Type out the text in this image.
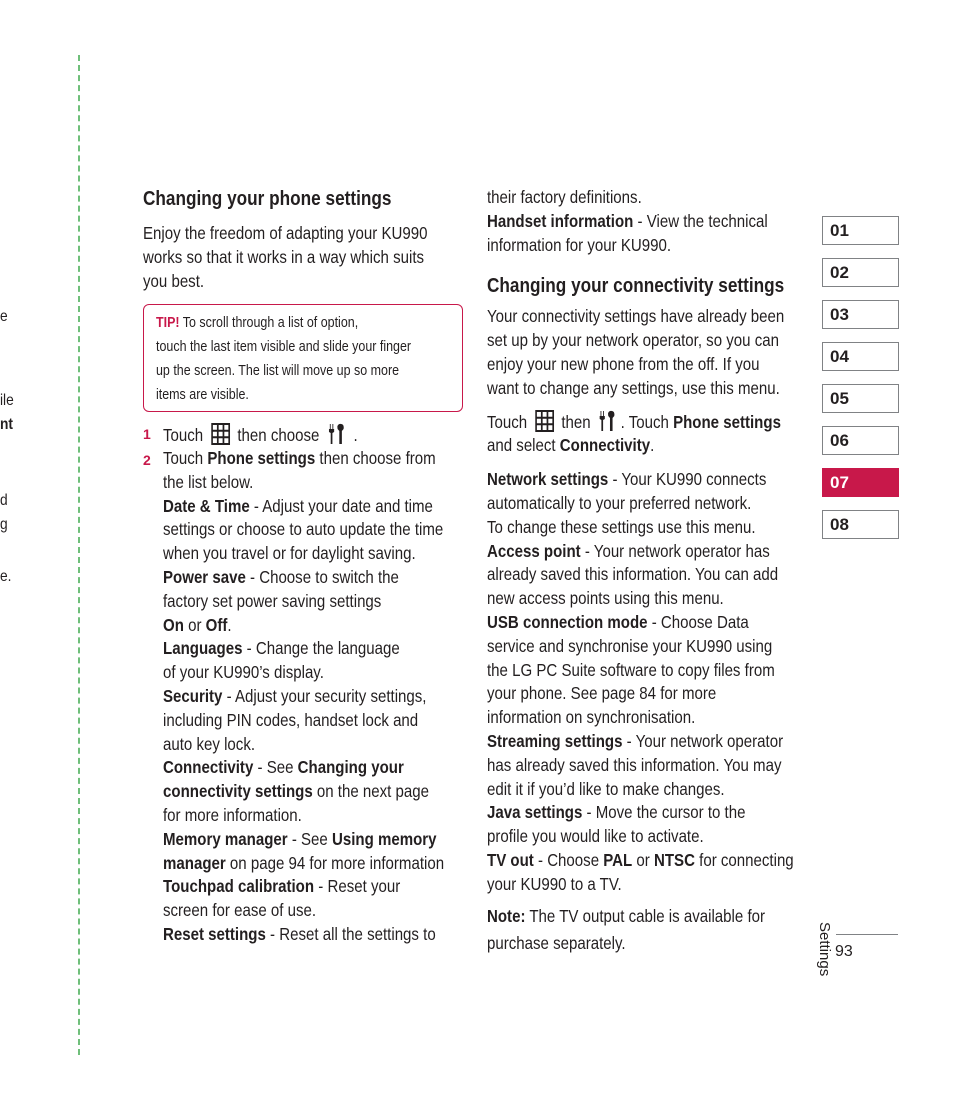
e
ile
nt
d
g
e.
Changing your phone settings

Enjoy the freedom of adapting your KU990

works so that it works in a way which suits

you best.

TIP! To scroll through a list of option,
touch the last item visible and slide your finger
up the screen. The list will move up so more
items are visible.
1 Touch then choose .
2 Touch Phone settings then choose from
the list below.
Date & Time - Adjust your date and time
settings or choose to auto update the time
when you travel or for daylight saving.
Power save - Choose to switch the
factory set power saving settings
On or Off.
Languages - Change the language
of your KU990’s display.
Security - Adjust your security settings,
including PIN codes, handset lock and
auto key lock.
Connectivity - See Changing your
connectivity settings on the next page
for more information.
Memory manager - See Using memory
manager on page 94 for more information
Touchpad calibration - Reset your
screen for ease of use.
Reset settings - Reset all the settings to
their factory definitions.
Handset information - View the technical
information for your KU990.
Changing your connectivity settings
Your connectivity settings have already been
set up by your network operator, so you can
enjoy your new phone from the off. If you
want to change any settings, use this menu.
Touch then . Touch Phone settings
and select Connectivity.
Network settings - Your KU990 connects
automatically to your preferred network.
To change these settings use this menu.
Access point - Your network operator has
already saved this information. You can add
new access points using this menu.
USB connection mode - Choose Data
service and synchronise your KU990 using
the LG PC Suite software to copy files from
your phone. See page 84 for more
information on synchronisation.
Streaming settings - Your network operator
has already saved this information. You may
edit it if you’d like to make changes.
Java settings - Move the cursor to the
profile you would like to activate.
TV out - Choose PAL or NTSC for connecting
your KU990 to a TV.
Note: The TV output cable is available for
purchase separately.
01
02
03
04
05
06
07
08
Settings 93
